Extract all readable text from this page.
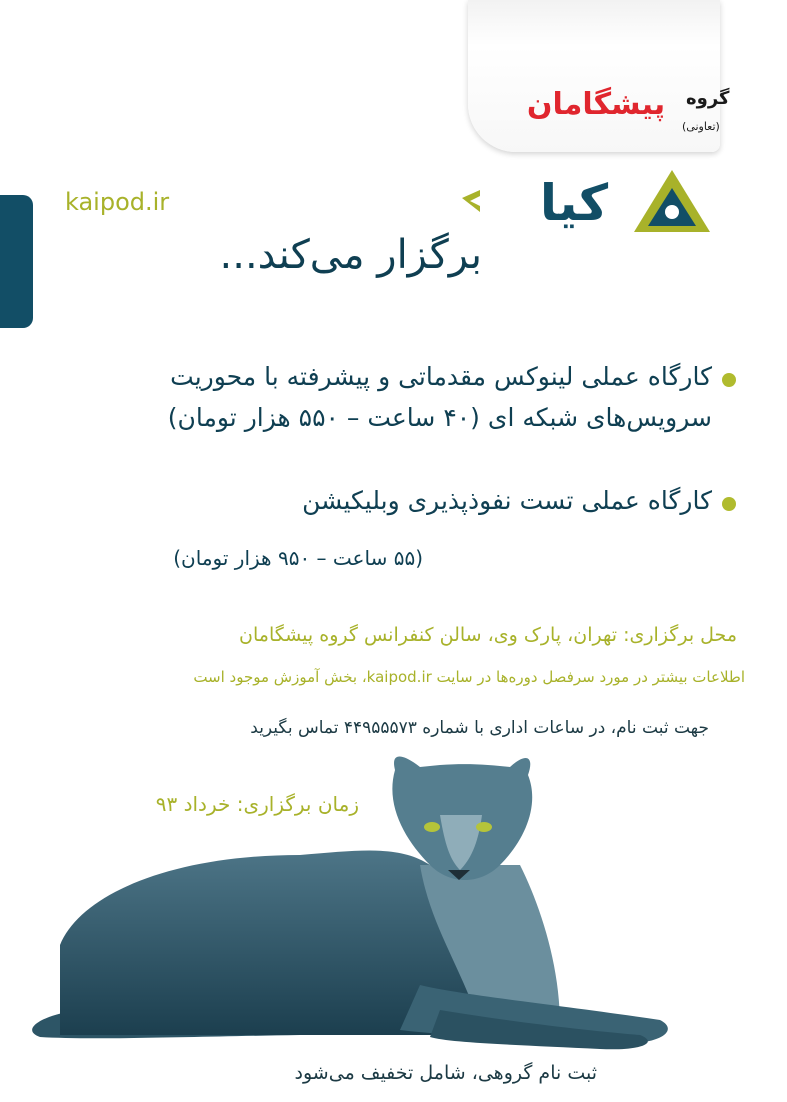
پیشگامان گروه
(تعاونی)
kaipod.ir	کیا
برگزار می‌کند...
کارگاه عملی لینوکس مقدماتی و پیشرفته با محوریت
سرویس‌های شبکه ای (۴۰ ساعت – ۵۵۰ هزار تومان)
کارگاه عملی تست نفوذپذیری وبلیکیشن
(۵۵ ساعت – ۹۵۰ هزار تومان)
محل برگزاری: تهران، پارک وی، سالن کنفرانس گروه پیشگامان
اطلاعات بیشتر در مورد سرفصل دوره‌ها در سایت kaipod.ir، بخش آموزش موجود است
جهت ثبت نام، در ساعات اداری با شماره ۴۴۹۵۵۵۷۳ تماس بگیرید
زمان برگزاری: خرداد ۹۳
ثبت نام گروهی، شامل تخفیف می‌شود
